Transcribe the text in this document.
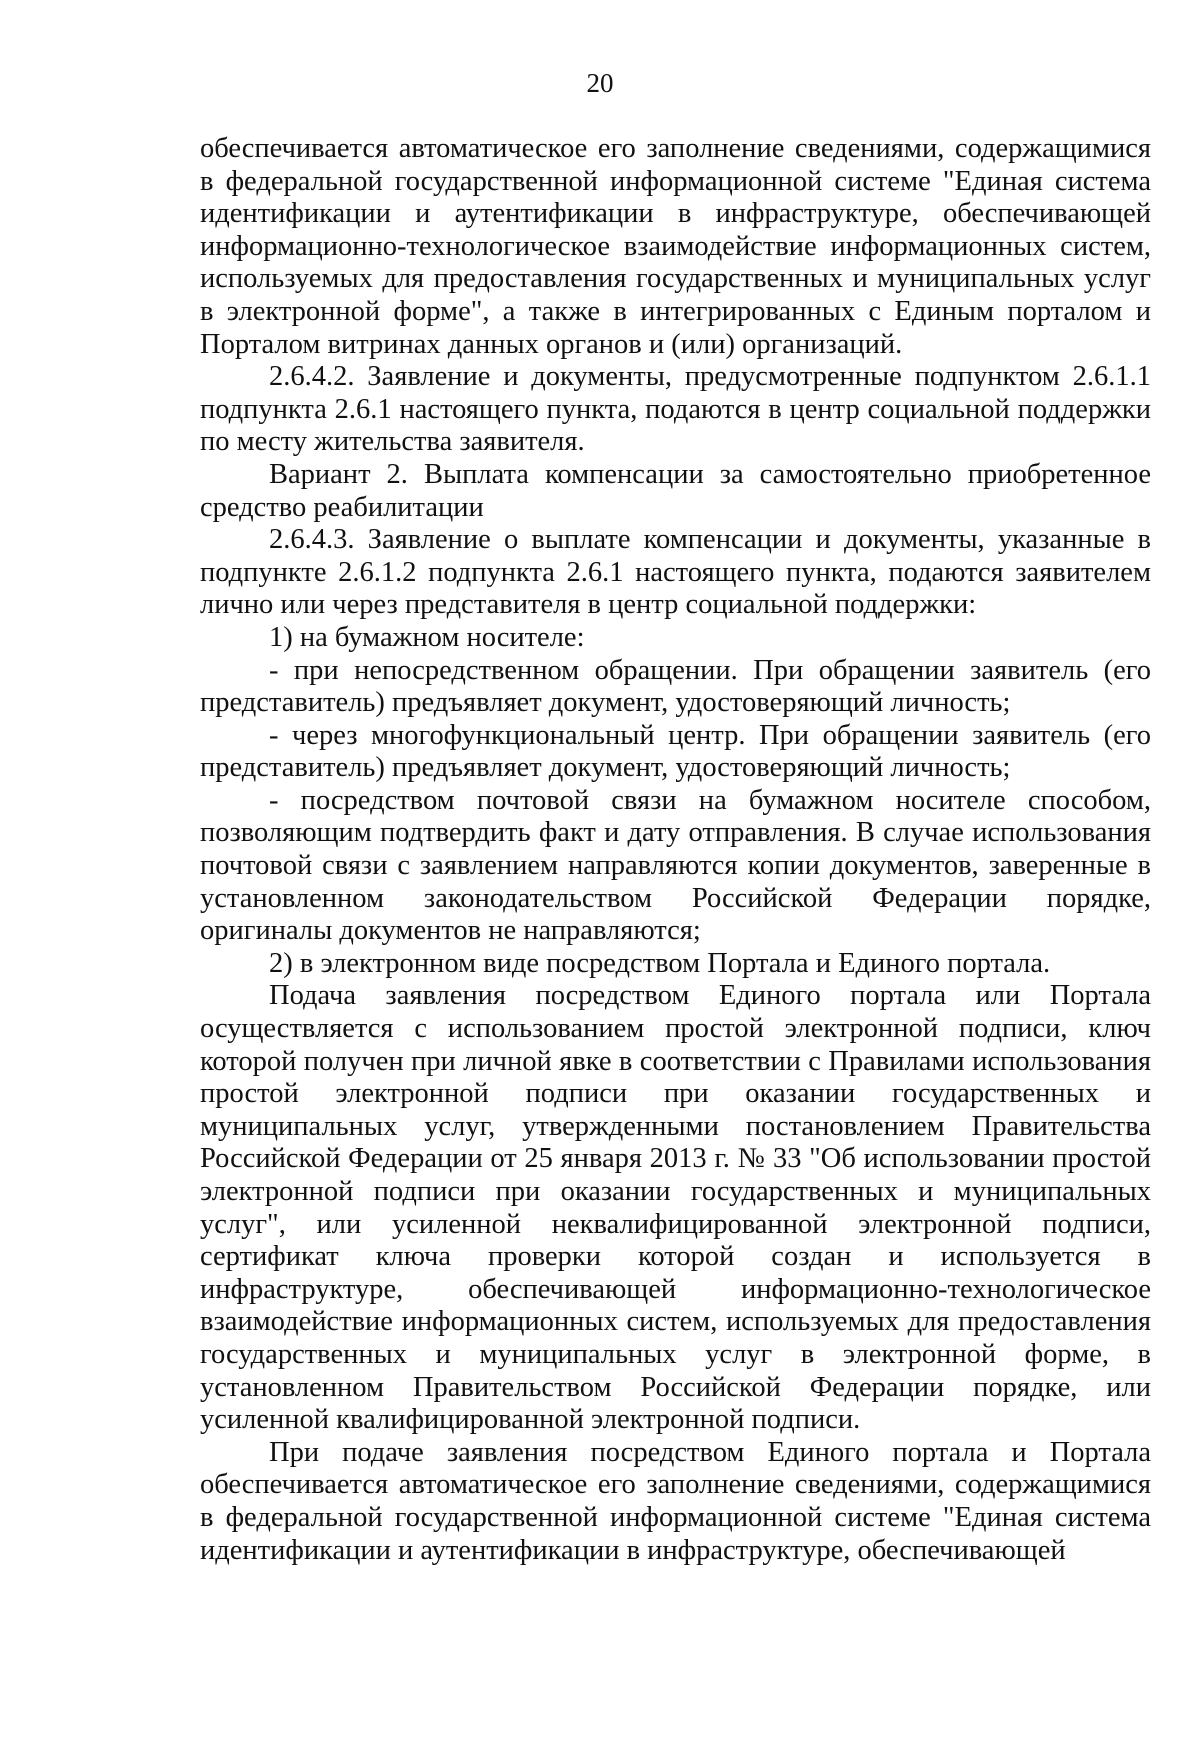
20

обеспечивается автоматическое его заполнение сведениями, содержащимися в федеральной государственной информационной системе "Единая система идентификации и аутентификации в инфраструктуре, обеспечивающей информационно-технологическое взаимодействие информационных систем, используемых для предоставления государственных и муниципальных услуг в электронной форме", а также в интегрированных с Единым порталом и Порталом витринах данных органов и (или) организаций.

2.6.4.2. Заявление и документы, предусмотренные подпунктом 2.6.1.1 подпункта 2.6.1 настоящего пункта, подаются в центр социальной поддержки по месту жительства заявителя.

Вариант 2. Выплата компенсации за самостоятельно приобретенное средство реабилитации

2.6.4.3. Заявление о выплате компенсации и документы, указанные в подпункте 2.6.1.2 подпункта 2.6.1 настоящего пункта, подаются заявителем лично или через представителя в центр социальной поддержки:

1) на бумажном носителе:

- при непосредственном обращении. При обращении заявитель (его представитель) предъявляет документ, удостоверяющий личность;

- через многофункциональный центр. При обращении заявитель (его представитель) предъявляет документ, удостоверяющий личность;

- посредством почтовой связи на бумажном носителе способом, позволяющим подтвердить факт и дату отправления. В случае использования почтовой связи с заявлением направляются копии документов, заверенные в установленном законодательством Российской Федерации порядке, оригиналы документов не направляются;

2) в электронном виде посредством Портала и Единого портала.

Подача заявления посредством Единого портала или Портала осуществляется с использованием простой электронной подписи, ключ которой получен при личной явке в соответствии с Правилами использования простой электронной подписи при оказании государственных и муниципальных услуг, утвержденными постановлением Правительства Российской Федерации от 25 января 2013 г. № 33 "Об использовании простой электронной подписи при оказании государственных и муниципальных услуг", или усиленной неквалифицированной электронной подписи, сертификат ключа проверки которой создан и используется в инфраструктуре, обеспечивающей информационно-технологическое взаимодействие информационных систем, используемых для предоставления государственных и муниципальных услуг в электронной форме, в установленном Правительством Российской Федерации порядке, или усиленной квалифицированной электронной подписи.

При подаче заявления посредством Единого портала и Портала обеспечивается автоматическое его заполнение сведениями, содержащимися в федеральной государственной информационной системе "Единая система идентификации и аутентификации в инфраструктуре, обеспечивающей
